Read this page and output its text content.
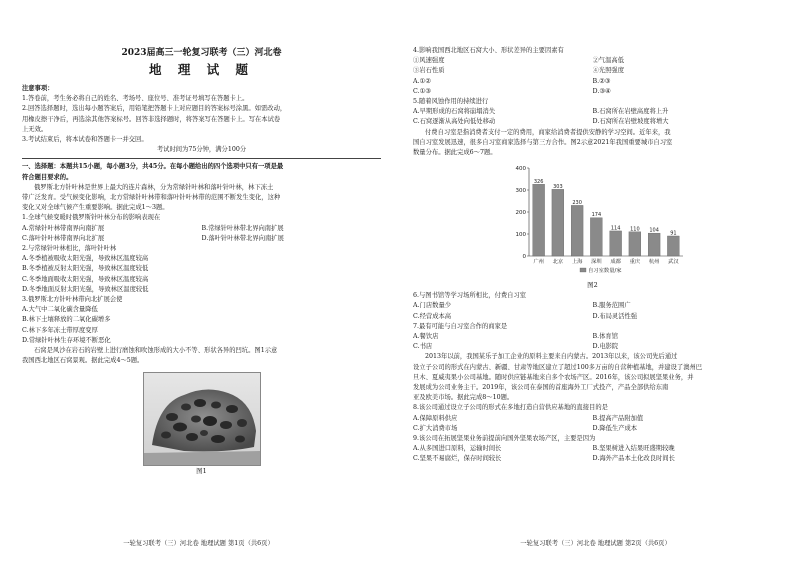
2023届高三一轮复习联考（三）河北卷
地 理 试 题
注意事项：
1.答卷前，考生务必将自己的姓名、考场号、座位号、准考证号填写在答题卡上。
2.回答选择题时，选出每小题答案后，用铅笔把答题卡上对应题目的答案标号涂黑。如需改动，
用橡皮擦干净后，再选涂其他答案标号。回答非选择题时，将答案写在答题卡上。写在本试卷
上无效。
3.考试结束后，将本试卷和答题卡一并交回。
考试时间为75分钟，满分100分
一、选择题：本题共15小题，每小题3分，共45分。在每小题给出的四个选项中只有一项是最
符合题目要求的。
俄罗斯北方针叶林是世界上最大的连片森林，分为常绿针叶林和落叶针叶林，林下冻土
带广泛发育。受气候变化影响，北方常绿针叶林带和落叶针叶林带的范围不断发生变化，这种
变化又对全球气候产生重要影响。据此完成1～3题。
1.全球气候变暖时俄罗斯针叶林分布的影响表现在
A.常绿针叶林带南界向南扩展	B.常绿针叶林带北界向南扩展
C.落叶针叶林带南界向北扩展	D.落叶针叶林带北界向南扩展
2.与常绿针叶林相比，落叶针叶林
A.冬季植被吸收太阳光强，导致林区温度较高
B.冬季植被反射太阳光强，导致林区温度较低
C.冬季地面吸收太阳光强，导致林区温度较高
D.冬季地面反射太阳光强，导致林区温度较低
3.俄罗斯北方针叶林带向北扩展会使
A.大气中二氧化碳含量降低
B.林下土壤释放的二氧化碳增多
C.林下多年冻土带厚度变厚
D.常绿针叶林生存环境不断恶化
石窝是风沙在岩石的岩壁上进行磨蚀和吹蚀形成的大小不等、形状各异的凹坑。图1示意
我国西北地区石窝景观。据此完成4～5题。
图1
一轮复习联考（三）河北卷 地理试题 第1页（共6页）
4.影响我国西北地区石窝大小、形状差异的主要因素有
①风速强度	②气温高低
③岩石性质	④光照强度
A.①②	B.②③
C.①③	D.③④
5.随着风蚀作用的持续进行
A.早期形成的石窝将崩塌消失	B.石窝所在岩壁高度将上升
C.石窝逐渐从高处向低处移动	D.石窝所在岩壁坡度将增大
付费自习室是指消费者支付一定的费用，商家给消费者提供安静的学习空间。近年来，我
国自习室发展迅速，很多自习室商家选择与第三方合作。图2示意2021年我国重要城市自习室
数量分布。据此完成6～7题。
0
100
200
300
400
326
广州
303
北京
230
上海
174
深圳
114
成都
110
重庆
104
杭州
91
武汉
自习室数量/家
图2
6.与图书馆等学习场所相比，付费自习室
A.门店数量少	B.服务范围广
C.经营成本高	D.布局灵活性强
7.最有可能与自习室合作的商家是
A.餐饮店	B.体育馆
C.书店	D.电影院
2013年以前，我国某乐子加工企业的原料主要来自内蒙古。2013年以来，该公司先后通过
设立子公司的形式在内蒙古、新疆、甘肃等地区建立了超过100多万亩的自营种植基地，并建设了澳州巴
旦木、夏威夷果小公司基地。随时供应链基地来自多个农场产区。2016年，该公司拟展坚果业务，并
发展成为公司业务主干。2019年，该公司在泰国的首座海外工厂式投产，产品全部供给东南
亚及欧美市场。据此完成8～10题。
8.该公司通过设立子公司的形式在多地打造自营供应基地的直接目的是
A.保障原料供应	B.提高产品附加值
C.扩大消费市场	D.降低生产成本
9.该公司在拓展坚果业务前提前向国外坚果农场产区，主要是因为
A.从多国进口原料，运输时间长	B.坚果树进入结果旺盛期较晚
C.坚果不易腐烂，保存时间较长	D.海外产品本土化改良时间长
一轮复习联考（三）河北卷 地理试题 第2页（共6页）
